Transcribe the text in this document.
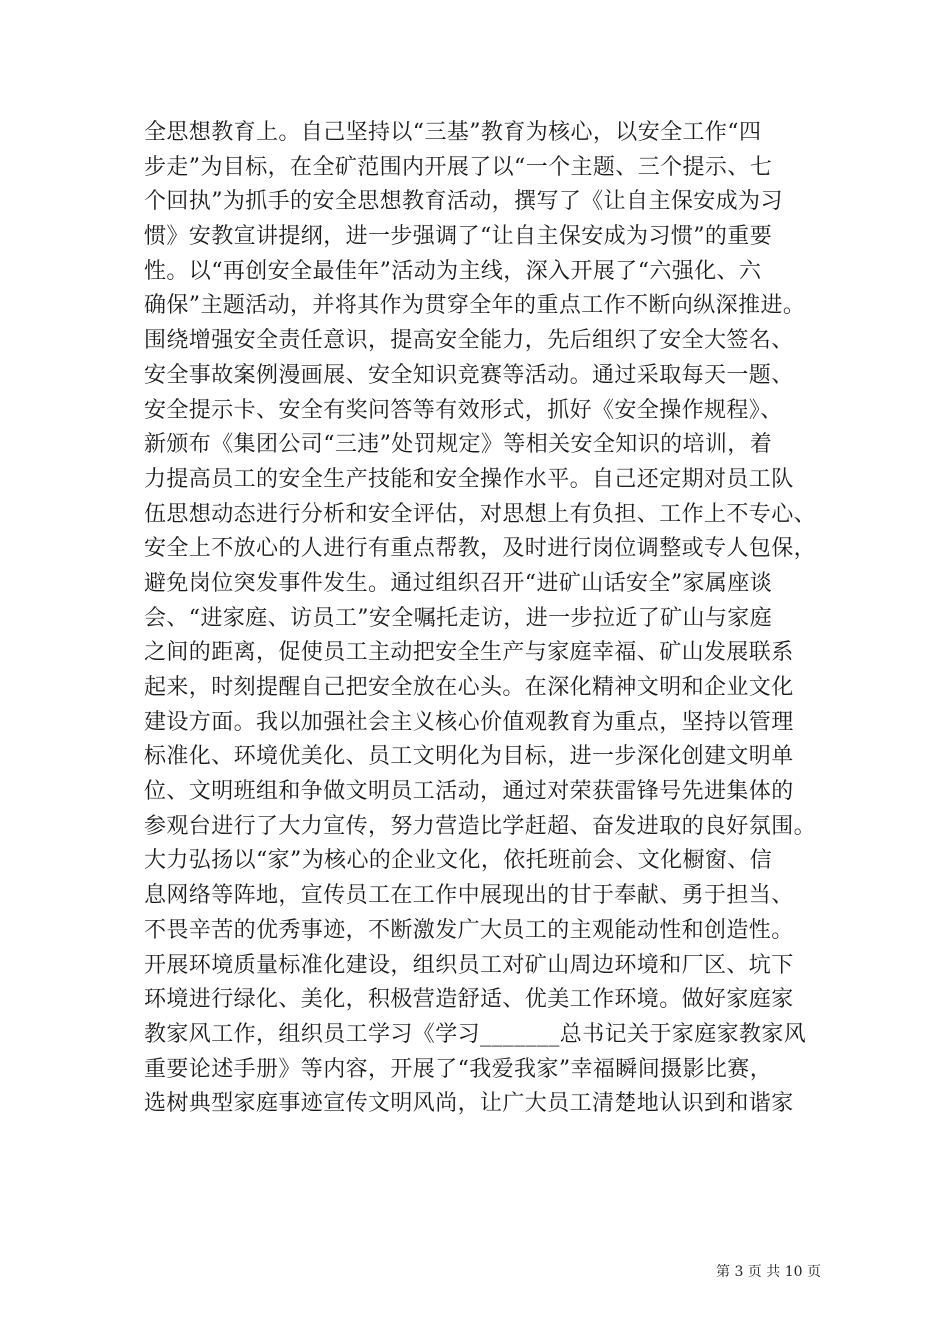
全思想教育上。自己坚持以“三基”教育为核心，以安全工作“四
步走”为目标，在全矿范围内开展了以“一个主题、三个提示、七
个回执”为抓手的安全思想教育活动，撰写了《让自主保安成为习
惯》安教宣讲提纲，进一步强调了“让自主保安成为习惯”的重要
性。以“再创安全最佳年”活动为主线，深入开展了“六强化、六
确保”主题活动，并将其作为贯穿全年的重点工作不断向纵深推进。
围绕增强安全责任意识，提高安全能力，先后组织了安全大签名、
安全事故案例漫画展、安全知识竞赛等活动。通过采取每天一题、
安全提示卡、安全有奖问答等有效形式，抓好《安全操作规程》、
新颁布《集团公司“三违”处罚规定》等相关安全知识的培训，着
力提高员工的安全生产技能和安全操作水平。自己还定期对员工队
伍思想动态进行分析和安全评估，对思想上有负担、工作上不专心、
安全上不放心的人进行有重点帮教，及时进行岗位调整或专人包保，
避免岗位突发事件发生。通过组织召开“进矿山话安全”家属座谈
会、“进家庭、访员工”安全嘱托走访，进一步拉近了矿山与家庭
之间的距离，促使员工主动把安全生产与家庭幸福、矿山发展联系
起来，时刻提醒自己把安全放在心头。在深化精神文明和企业文化
建设方面。我以加强社会主义核心价值观教育为重点，坚持以管理
标准化、环境优美化、员工文明化为目标，进一步深化创建文明单
位、文明班组和争做文明员工活动，通过对荣获雷锋号先进集体的
参观台进行了大力宣传，努力营造比学赶超、奋发进取的良好氛围。
大力弘扬以“家”为核心的企业文化，依托班前会、文化橱窗、信
息网络等阵地，宣传员工在工作中展现出的甘于奉献、勇于担当、
不畏辛苦的优秀事迹，不断激发广大员工的主观能动性和创造性。
开展环境质量标准化建设，组织员工对矿山周边环境和厂区、坑下
环境进行绿化、美化，积极营造舒适、优美工作环境。做好家庭家
教家风工作，组织员工学习《学习_______总书记关于家庭家教家风
重要论述手册》等内容，开展了“我爱我家”幸福瞬间摄影比赛，
选树典型家庭事迹宣传文明风尚，让广大员工清楚地认识到和谐家
第 3 页 共 10 页
